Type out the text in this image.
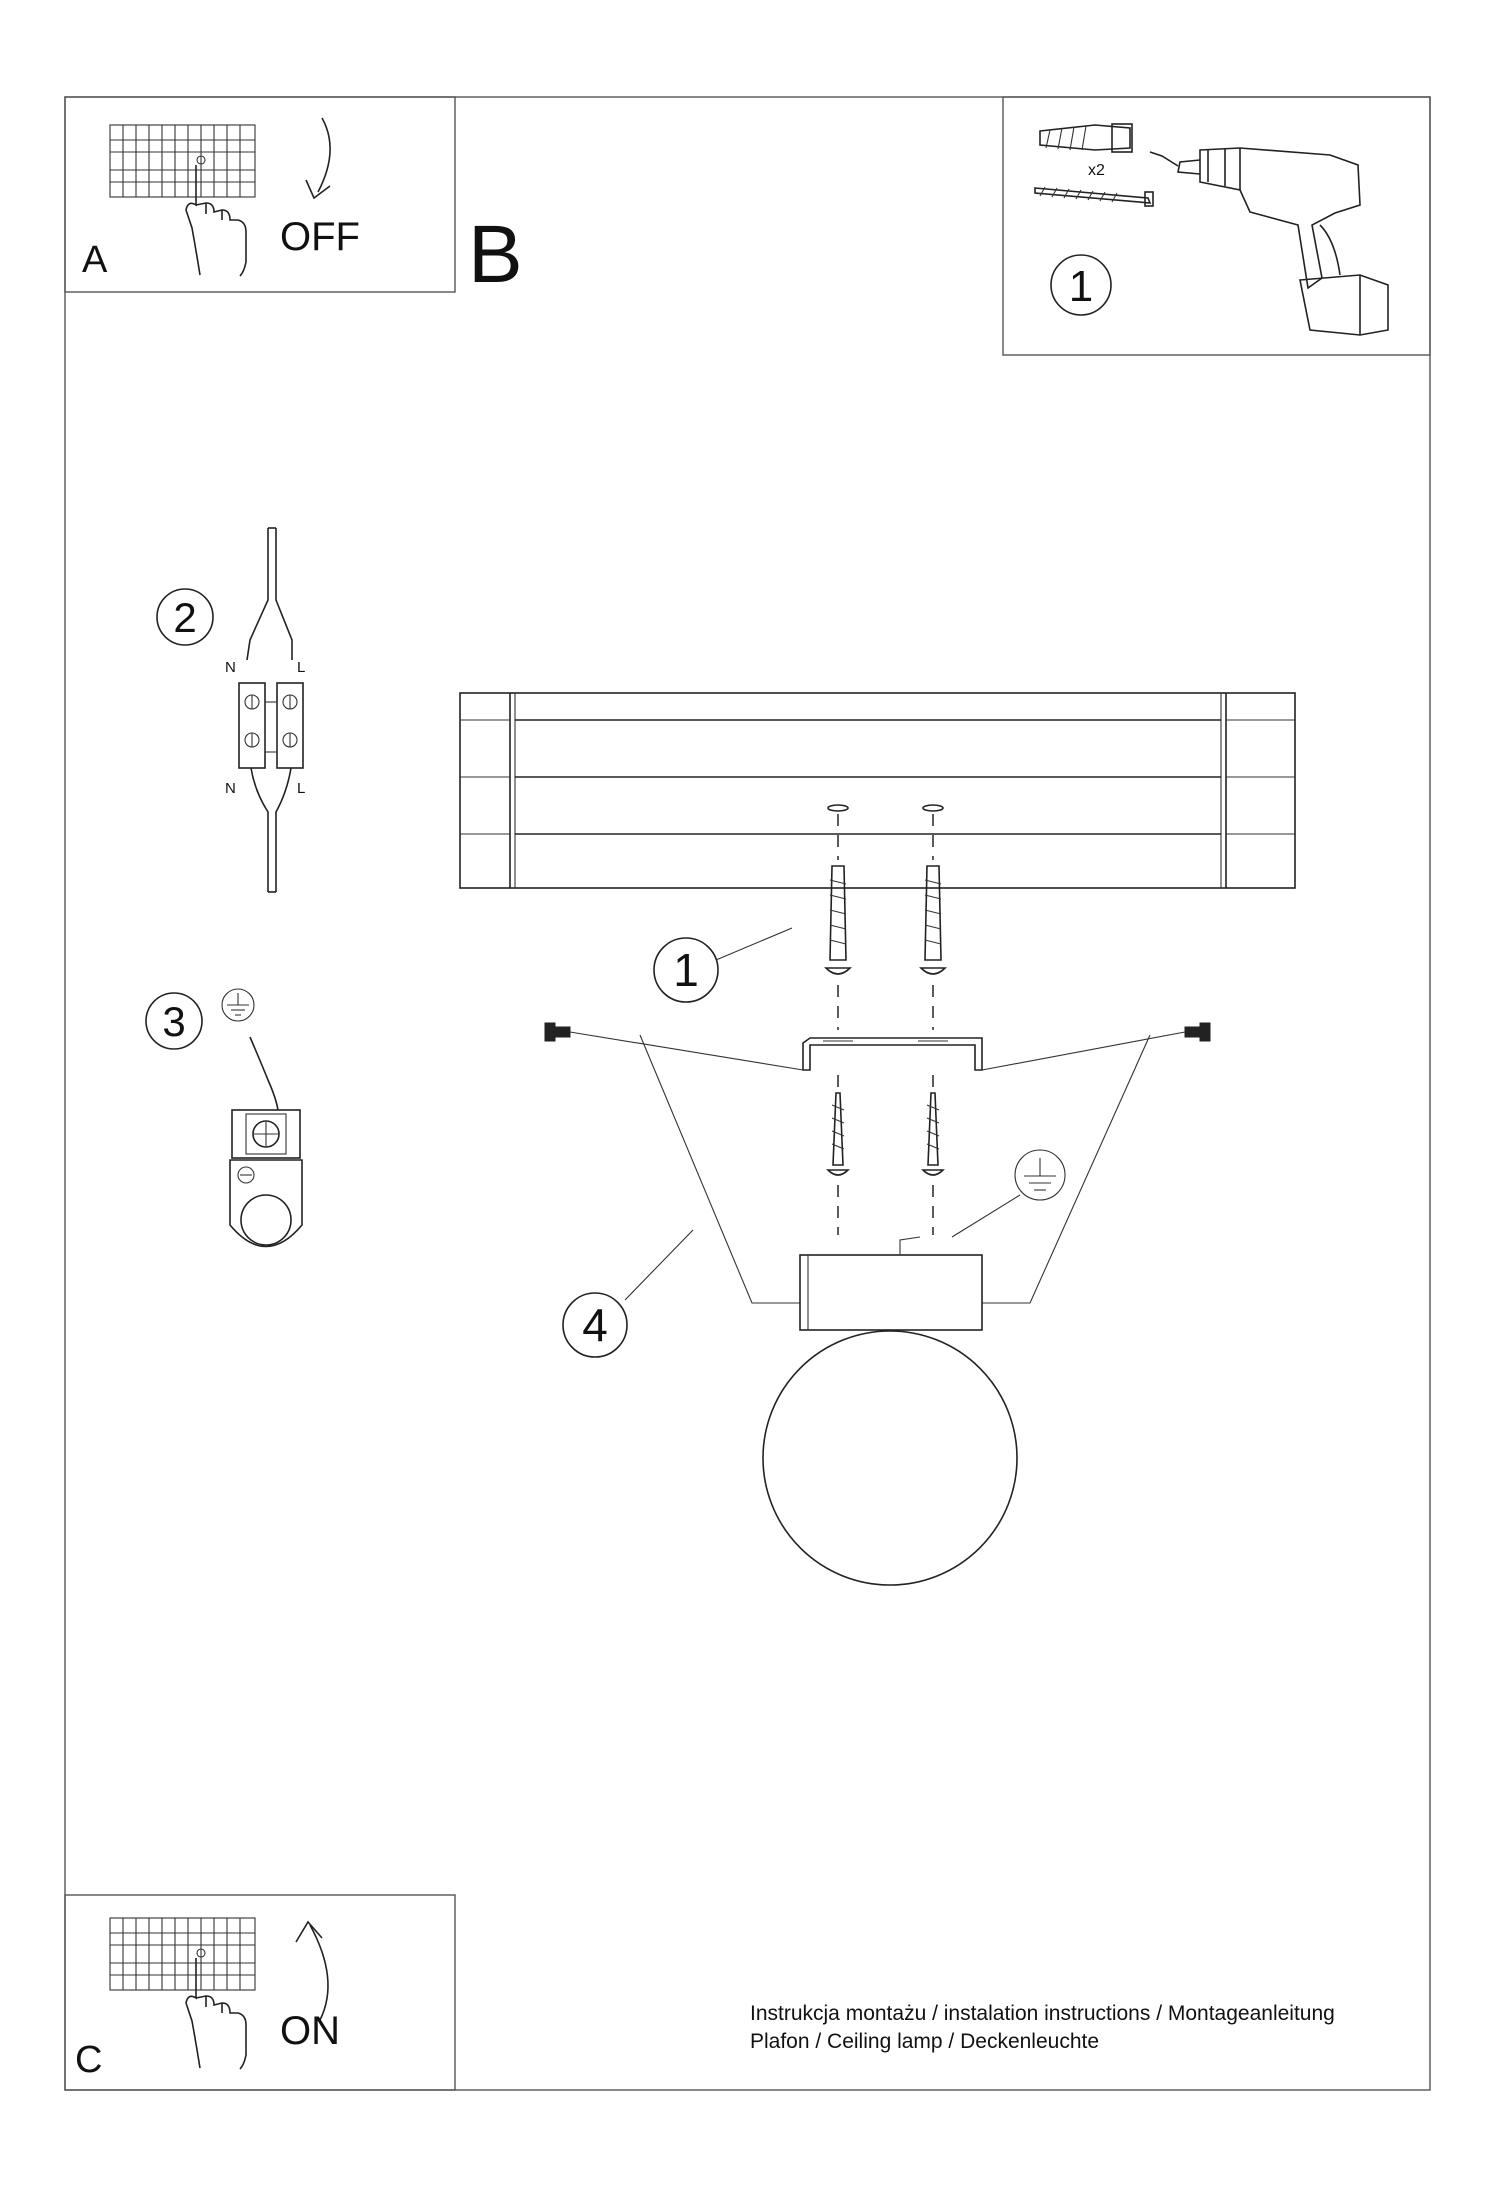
OFF
A	B
x2
1
2
N	L
N	L
3
1
4
ON
C
Instrukcja montażu / instalation instructions / Montageanleitung
Plafon / Ceiling lamp / Deckenleuchte
